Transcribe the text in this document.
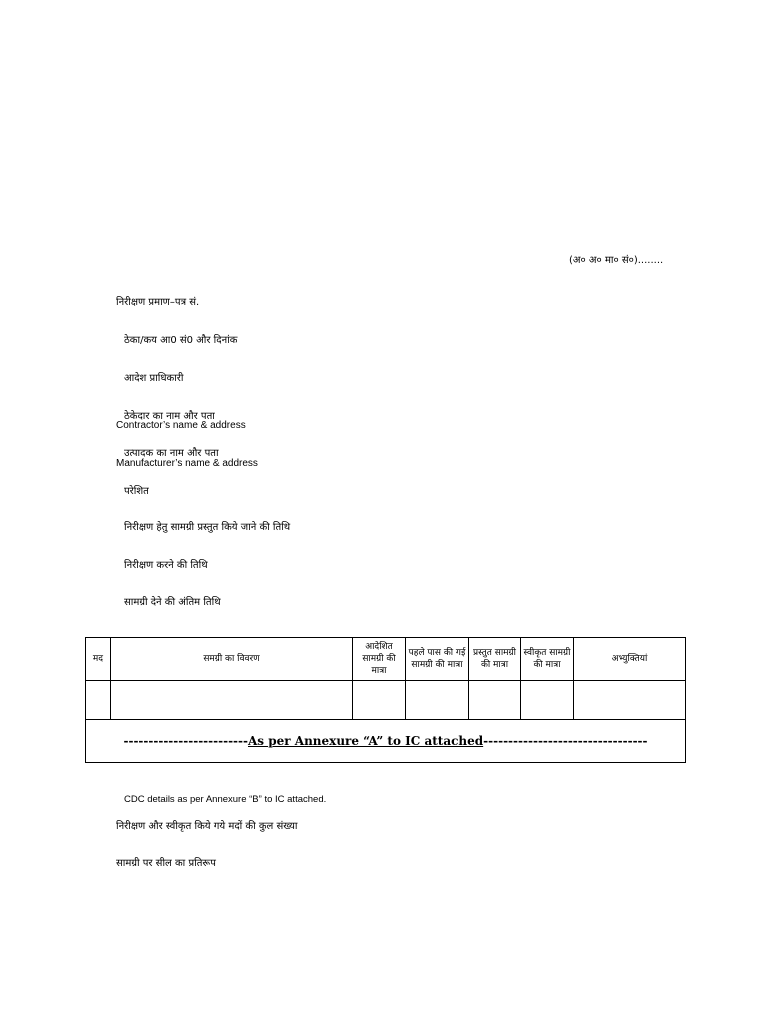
(अ० अ० मा० सं०)........
निरीक्षण प्रमाण–पत्र सं.
ठेका/कय आ0 सं0 और दिनांक
आदेश प्राधिकारी
ठेकेदार का नाम और पता
Contractor’s name & address
उत्पादक का नाम और पता
Manufacturer’s name & address
परेशित
निरीक्षण हेतु सामग्री प्रस्तुत किये जाने की तिथि
निरीक्षण करने की तिथि
सामग्री देने की अंतिम तिथि
मद	समग्री का विवरण	आदेशित सामग्री की मात्रा	पहले पास की गई सामग्री की मात्रा	प्रस्तुत सामग्री की मात्रा	स्वीकृत सामग्री की मात्रा	अभ्युक्तियां

-------------------------As per Annexure “A” to IC attached---------------------------------						
CDC details as per Annexure “B” to IC attached.
निरीक्षण और स्वीकृत किये गये मदों की कुल संख्या
सामग्री पर सील का प्रतिरूप
